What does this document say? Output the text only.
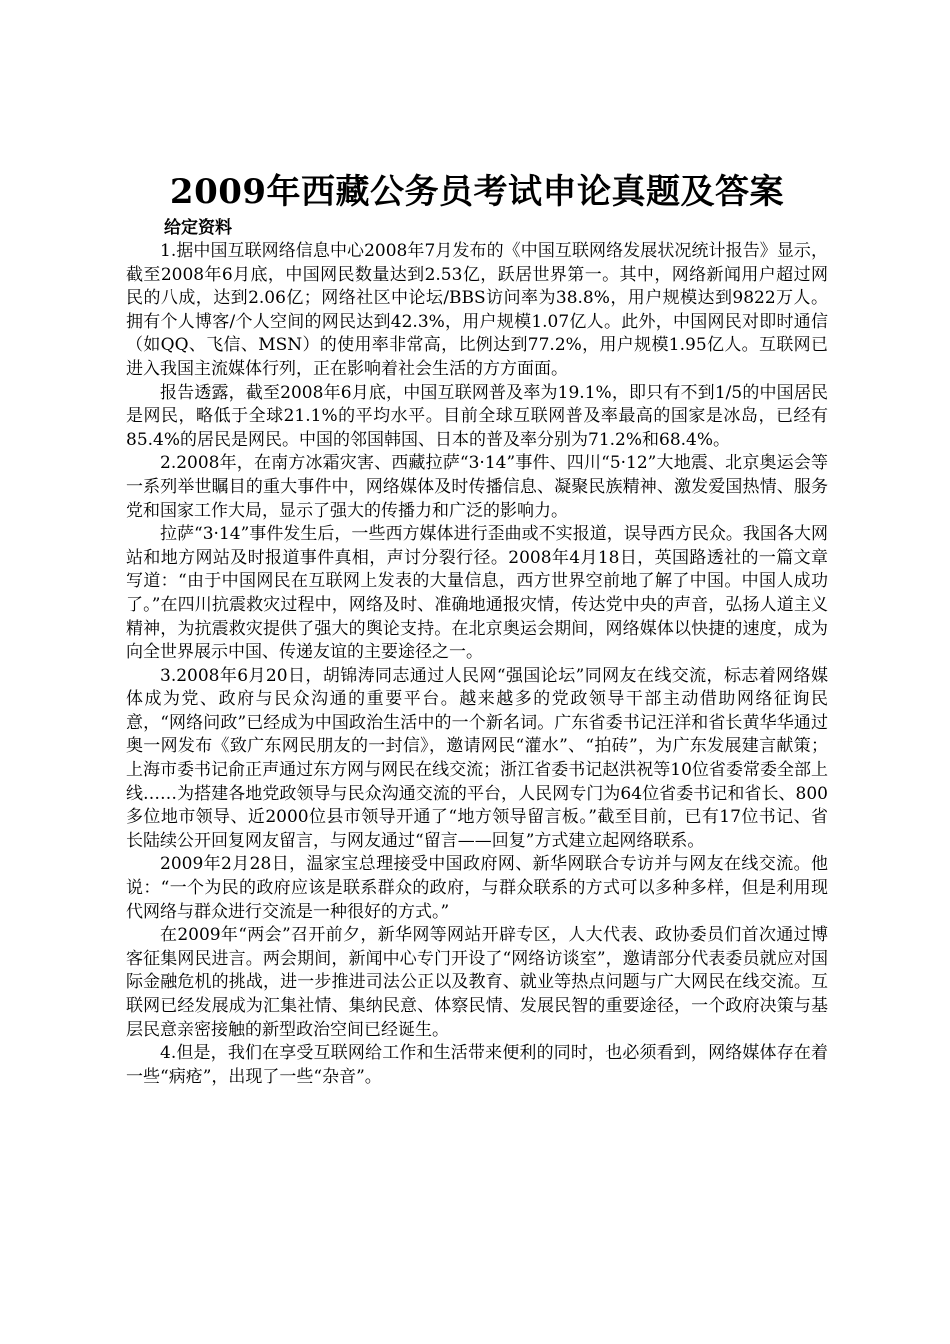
2009年西藏公务员考试申论真题及答案
给定资料

1.据中国互联网络信息中心2008年7月发布的《中国互联网络发展状况统计报告》显示，截至2008年6月底，中国网民数量达到2.53亿，跃居世界第一。其中，网络新闻用户超过网民的八成，达到2.06亿；网络社区中论坛/BBS访问率为38.8%，用户规模达到9822万人。拥有个人博客/个人空间的网民达到42.3%，用户规模1.07亿人。此外，中国网民对即时通信（如QQ、飞信、MSN）的使用率非常高，比例达到77.2%，用户规模1.95亿人。互联网已进入我国主流媒体行列，正在影响着社会生活的方方面面。

报告透露，截至2008年6月底，中国互联网普及率为19.1%，即只有不到1/5的中国居民是网民，略低于全球21.1%的平均水平。目前全球互联网普及率最高的国家是冰岛，已经有85.4%的居民是网民。中国的邻国韩国、日本的普及率分别为71.2%和68.4%。

2.2008年，在南方冰霜灾害、西藏拉萨“3·14”事件、四川“5·12”大地震、北京奥运会等一系列举世瞩目的重大事件中，网络媒体及时传播信息、凝聚民族精神、激发爱国热情、服务党和国家工作大局，显示了强大的传播力和广泛的影响力。

拉萨“3·14”事件发生后，一些西方媒体进行歪曲或不实报道，误导西方民众。我国各大网站和地方网站及时报道事件真相，声讨分裂行径。2008年4月18日，英国路透社的一篇文章写道：“由于中国网民在互联网上发表的大量信息，西方世界空前地了解了中国。中国人成功了。”在四川抗震救灾过程中，网络及时、准确地通报灾情，传达党中央的声音，弘扬人道主义精神，为抗震救灾提供了强大的舆论支持。在北京奥运会期间，网络媒体以快捷的速度，成为向全世界展示中国、传递友谊的主要途径之一。

3.2008年6月20日，胡锦涛同志通过人民网“强国论坛”同网友在线交流，标志着网络媒体成为党、政府与民众沟通的重要平台。越来越多的党政领导干部主动借助网络征询民意，“网络问政”已经成为中国政治生活中的一个新名词。广东省委书记汪洋和省长黄华华通过奥一网发布《致广东网民朋友的一封信》，邀请网民“灌水”、“拍砖”，为广东发展建言献策；上海市委书记俞正声通过东方网与网民在线交流；浙江省委书记赵洪祝等10位省委常委全部上线……为搭建各地党政领导与民众沟通交流的平台，人民网专门为64位省委书记和省长、800多位地市领导、近2000位县市领导开通了“地方领导留言板。”截至目前，已有17位书记、省长陆续公开回复网友留言，与网友通过“留言——回复”方式建立起网络联系。

2009年2月28日，温家宝总理接受中国政府网、新华网联合专访并与网友在线交流。他说：“一个为民的政府应该是联系群众的政府，与群众联系的方式可以多种多样，但是利用现代网络与群众进行交流是一种很好的方式。”

在2009年“两会”召开前夕，新华网等网站开辟专区，人大代表、政协委员们首次通过博客征集网民进言。两会期间，新闻中心专门开设了“网络访谈室”，邀请部分代表委员就应对国际金融危机的挑战，进一步推进司法公正以及教育、就业等热点问题与广大网民在线交流。互联网已经发展成为汇集社情、集纳民意、体察民情、发展民智的重要途径，一个政府决策与基层民意亲密接触的新型政治空间已经诞生。

4.但是，我们在享受互联网给工作和生活带来便利的同时，也必须看到，网络媒体存在着一些“病疮”，出现了一些“杂音”。
